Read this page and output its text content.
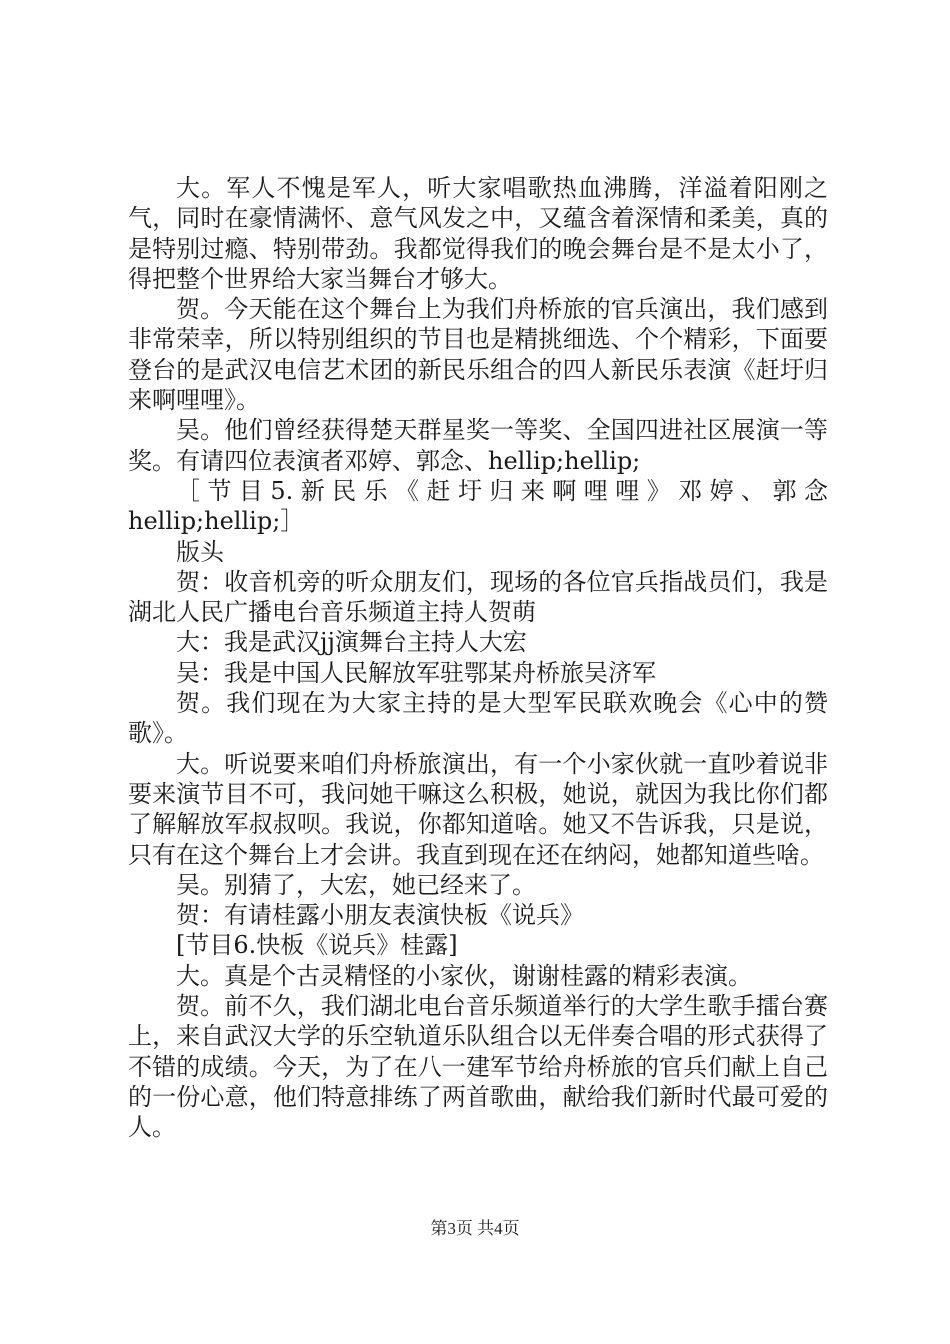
大。军人不愧是军人，听大家唱歌热血沸腾，洋溢着阳刚之气，同时在豪情满怀、意气风发之中，又蕴含着深情和柔美，真的是特别过瘾、特别带劲。我都觉得我们的晚会舞台是不是太小了，得把整个世界给大家当舞台才够大。

贺。今天能在这个舞台上为我们舟桥旅的官兵演出，我们感到非常荣幸，所以特别组织的节目也是精挑细选、个个精彩，下面要登台的是武汉电信艺术团的新民乐组合的四人新民乐表演《赶圩归来啊哩哩》。

吴。他们曾经获得楚天群星奖一等奖、全国四进社区展演一等奖。有请四位表演者邓婷、郭念、hellip;hellip;

［节目5.新民乐《赶圩归来啊哩哩》邓婷、郭念

hellip;hellip;］

版头

贺：收音机旁的听众朋友们，现场的各位官兵指战员们，我是湖北人民广播电台音乐频道主持人贺萌

大：我是武汉jj演舞台主持人大宏

吴：我是中国人民解放军驻鄂某舟桥旅吴济军

贺。我们现在为大家主持的是大型军民联欢晚会《心中的赞歌》。

大。听说要来咱们舟桥旅演出，有一个小家伙就一直吵着说非要来演节目不可，我问她干嘛这么积极，她说，就因为我比你们都了解解放军叔叔呗。我说，你都知道啥。她又不告诉我，只是说，只有在这个舞台上才会讲。我直到现在还在纳闷，她都知道些啥。

吴。别猜了，大宏，她已经来了。

贺：有请桂露小朋友表演快板《说兵》

[节目6.快板《说兵》桂露]

大。真是个古灵精怪的小家伙，谢谢桂露的精彩表演。

贺。前不久，我们湖北电台音乐频道举行的大学生歌手擂台赛上，来自武汉大学的乐空轨道乐队组合以无伴奏合唱的形式获得了不错的成绩。今天，为了在八一建军节给舟桥旅的官兵们献上自己的一份心意，他们特意排练了两首歌曲，献给我们新时代最可爱的人。

第3页 共4页
